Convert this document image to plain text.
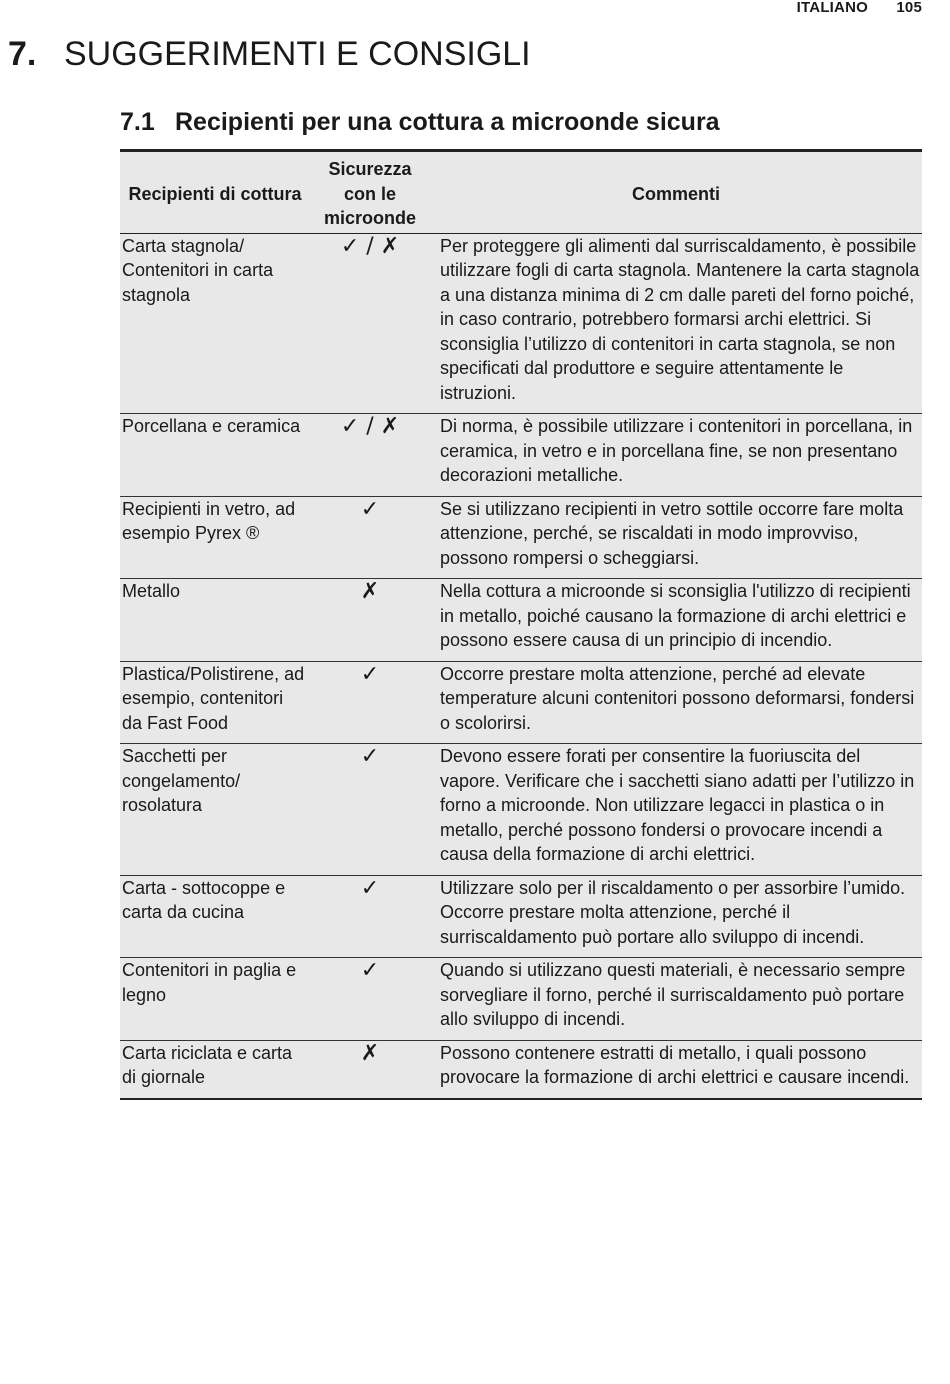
ITALIANO 105
7. SUGGERIMENTI E CONSIGLI
7.1 Recipienti per una cottura a microonde sicura
Recipienti di cottura	Sicurezza con le microonde	Commenti
Carta stagnola/ Contenitori in carta stagnola	✓ / ✗	Per proteggere gli alimenti dal surriscaldamento, è possibile utilizzare fogli di carta stagnola. Mantenere la carta stagnola a una distanza minima di 2 cm dalle pareti del forno poiché, in caso contrario, potrebbero formarsi archi elettrici. Si sconsiglia l’utilizzo di contenitori in carta stagnola, se non specificati dal produttore e seguire attentamente le istruzioni.
Porcellana e ceramica	✓ / ✗	Di norma, è possibile utilizzare i contenitori in porcellana, in ceramica, in vetro e in porcellana fine, se non presentano decorazioni metalliche.
Recipienti in vetro, ad esempio Pyrex ®	✓	Se si utilizzano recipienti in vetro sottile occorre fare molta attenzione, perché, se riscaldati in modo improvviso, possono rompersi o scheggiarsi.
Metallo	✗	Nella cottura a microonde si sconsiglia l'utilizzo di recipienti in metallo, poiché causano la formazione di archi elettrici e possono essere causa di un principio di incendio.
Plastica/Polistirene, ad esempio, contenitori da Fast Food	✓	Occorre prestare molta attenzione, perché ad elevate temperature alcuni contenitori possono deformarsi, fondersi o scolorirsi.
Sacchetti per congelamento/ rosolatura	✓	Devono essere forati per consentire la fuoriuscita del vapore. Verificare che i sacchetti siano adatti per l’utilizzo in forno a microonde. Non utilizzare legacci in plastica o in metallo, perché possono fondersi o provocare incendi a causa della formazione di archi elettrici.
Carta - sottocoppe e carta da cucina	✓	Utilizzare solo per il riscaldamento o per assorbire l’umido. Occorre prestare molta attenzione, perché il surriscaldamento può portare allo sviluppo di incendi.
Contenitori in paglia e legno	✓	Quando si utilizzano questi materiali, è necessario sempre sorvegliare il forno, perché il surriscaldamento può portare allo sviluppo di incendi.
Carta riciclata e carta di giornale	✗	Possono contenere estratti di metallo, i quali possono provocare la formazione di archi elettrici e causare incendi.
